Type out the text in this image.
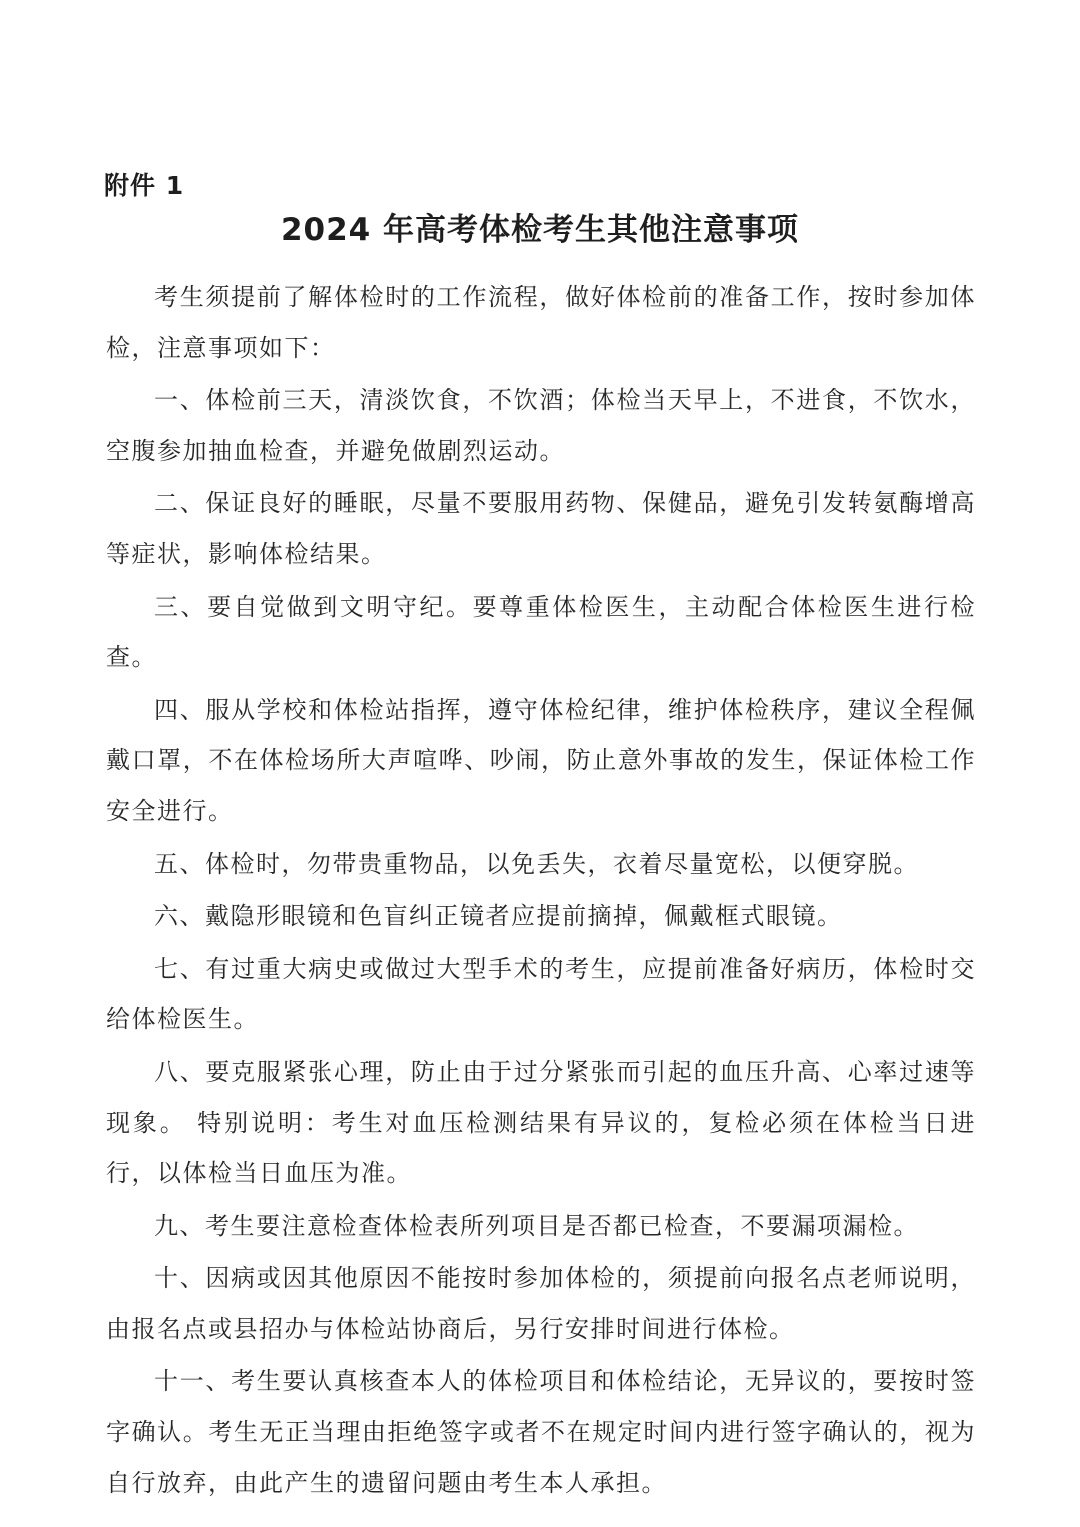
附件 1
2024 年高考体检考生其他注意事项

考生须提前了解体检时的工作流程，做好体检前的准备工作，按时参加体检，注意事项如下：

一、体检前三天，清淡饮食，不饮酒；体检当天早上，不进食，不饮水，空腹参加抽血检查，并避免做剧烈运动。

二、保证良好的睡眠，尽量不要服用药物、保健品，避免引发转氨酶增高等症状，影响体检结果。

三、要自觉做到文明守纪。要尊重体检医生，主动配合体检医生进行检查。

四、服从学校和体检站指挥，遵守体检纪律，维护体检秩序，建议全程佩戴口罩，不在体检场所大声喧哗、吵闹，防止意外事故的发生，保证体检工作安全进行。

五、体检时，勿带贵重物品，以免丢失，衣着尽量宽松，以便穿脱。

六、戴隐形眼镜和色盲纠正镜者应提前摘掉，佩戴框式眼镜。

七、有过重大病史或做过大型手术的考生，应提前准备好病历，体检时交给体检医生。

八、要克服紧张心理，防止由于过分紧张而引起的血压升高、心率过速等现象。 特别说明：考生对血压检测结果有异议的，复检必须在体检当日进行，以体检当日血压为准。

九、考生要注意检查体检表所列项目是否都已检查，不要漏项漏检。

十、因病或因其他原因不能按时参加体检的，须提前向报名点老师说明，由报名点或县招办与体检站协商后，另行安排时间进行体检。

十一、考生要认真核查本人的体检项目和体检结论，无异议的，要按时签字确认。考生无正当理由拒绝签字或者不在规定时间内进行签字确认的，视为自行放弃，由此产生的遗留问题由考生本人承担。
